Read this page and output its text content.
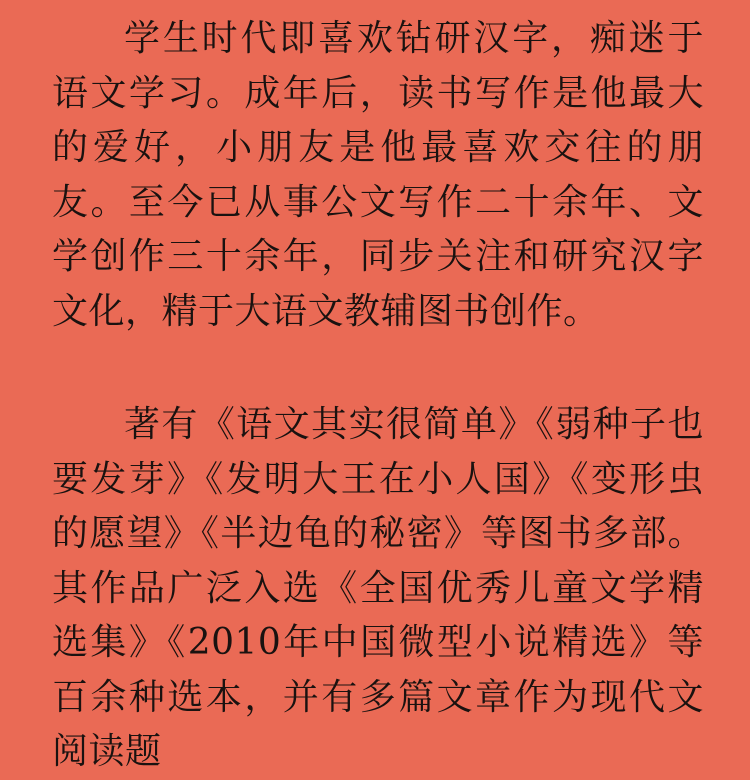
学生时代即喜欢钻研汉字，痴迷于语文学习。成年后，读书写作是他最大的爱好，小朋友是他最喜欢交往的朋友。至今已从事公文写作二十余年、文学创作三十余年，同步关注和研究汉字文化，精于大语文教辅图书创作。

著有《语文其实很简单》《弱种子也要发芽》《发明大王在小人国》《变形虫的愿望》《半边龟的秘密》等图书多部。其作品广泛入选《全国优秀儿童文学精选集》《2010年中国微型小说精选》等百余种选本，并有多篇文章作为现代文阅读题
